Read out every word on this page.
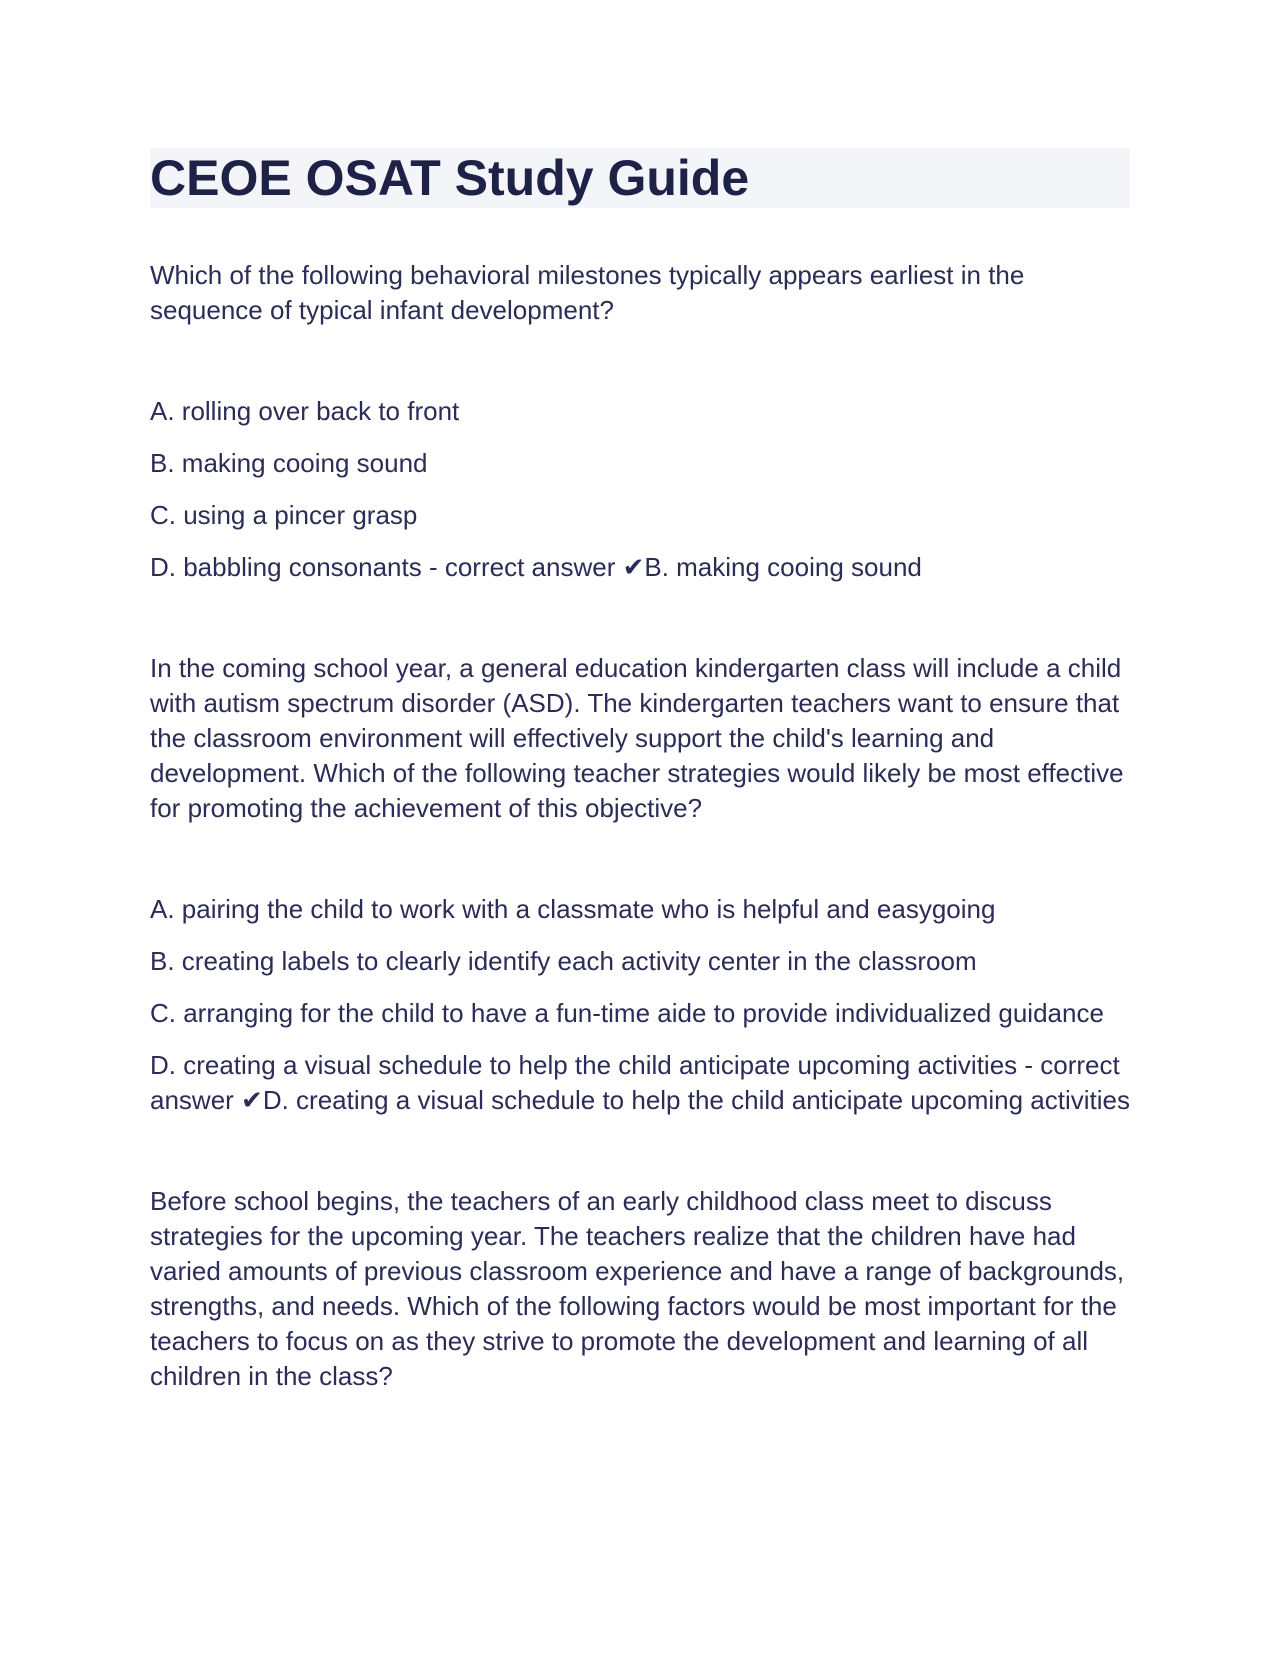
CEOE OSAT Study Guide

Which of the following behavioral milestones typically appears earliest in the sequence of typical infant development?

A. rolling over back to front

B. making cooing sound

C. using a pincer grasp

D. babbling consonants - correct answer ✔B. making cooing sound

In the coming school year, a general education kindergarten class will include a child with autism spectrum disorder (ASD). The kindergarten teachers want to ensure that the classroom environment will effectively support the child's learning and development. Which of the following teacher strategies would likely be most effective for promoting the achievement of this objective?

A. pairing the child to work with a classmate who is helpful and easygoing

B. creating labels to clearly identify each activity center in the classroom

C. arranging for the child to have a fun-time aide to provide individualized guidance

D. creating a visual schedule to help the child anticipate upcoming activities - correct answer ✔D. creating a visual schedule to help the child anticipate upcoming activities

Before school begins, the teachers of an early childhood class meet to discuss strategies for the upcoming year. The teachers realize that the children have had varied amounts of previous classroom experience and have a range of backgrounds, strengths, and needs. Which of the following factors would be most important for the teachers to focus on as they strive to promote the development and learning of all children in the class?
